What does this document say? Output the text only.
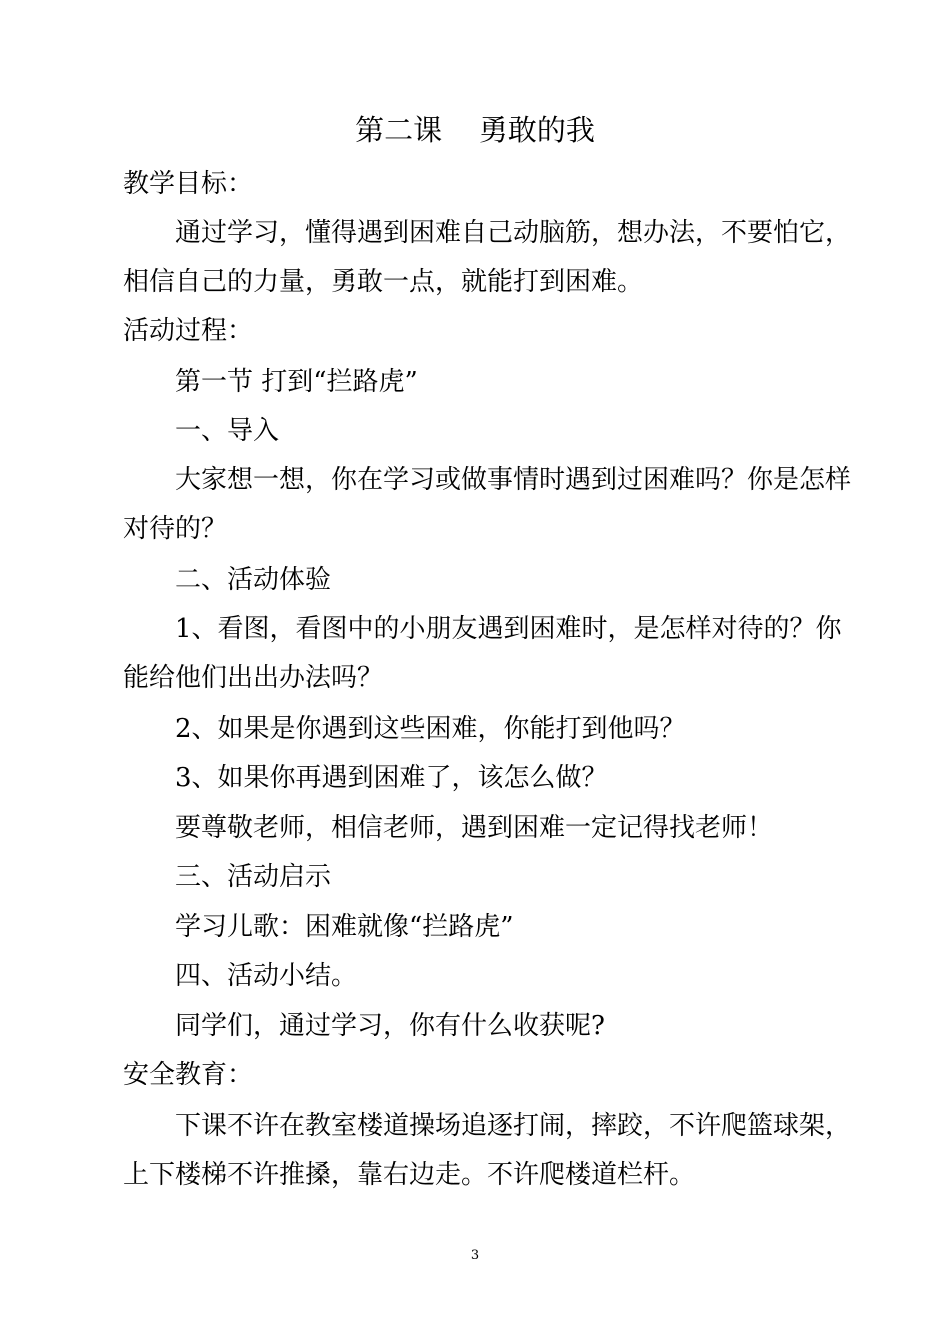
第二课    勇敢的我
教学目标：
通过学习，懂得遇到困难自己动脑筋，想办法，不要怕它，
相信自己的力量，勇敢一点，就能打到困难。
活动过程：
第一节 打到“拦路虎”
一、导入
大家想一想，你在学习或做事情时遇到过困难吗？你是怎样
对待的？
二、活动体验
1、看图，看图中的小朋友遇到困难时，是怎样对待的？你
能给他们出出办法吗？
2、如果是你遇到这些困难，你能打到他吗？
3、如果你再遇到困难了，该怎么做？
要尊敬老师，相信老师，遇到困难一定记得找老师！
三、活动启示
学习儿歌：困难就像“拦路虎”
四、活动小结。
同学们，通过学习，你有什么收获呢?
安全教育：
下课不许在教室楼道操场追逐打闹，摔跤，不许爬篮球架，
上下楼梯不许推搡，靠右边走。不许爬楼道栏杆。
3
